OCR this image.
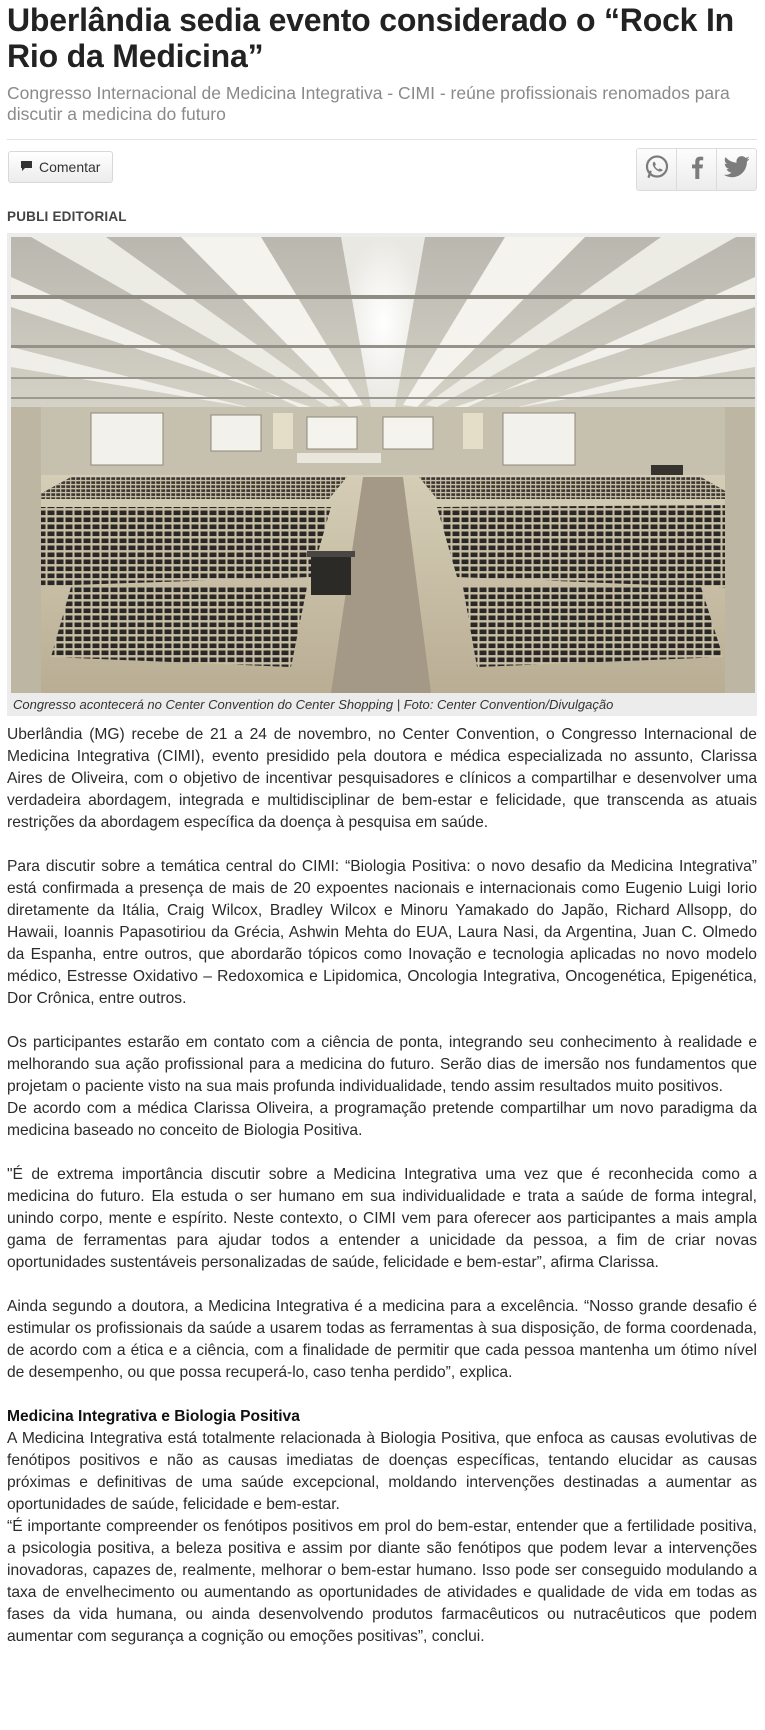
Uberlândia sedia evento considerado o “Rock In Rio da Medicina”
Congresso Internacional de Medicina Integrativa - CIMI - reúne profissionais renomados para discutir a medicina do futuro
Comentar
PUBLI EDITORIAL
Congresso acontecerá no Center Convention do Center Shopping | Foto: Center Convention/Divulgação

Uberlândia (MG) recebe de 21 a 24 de novembro, no Center Convention, o Congresso Internacional de Medicina Integrativa (CIMI), evento presidido pela doutora e médica especializada no assunto, Clarissa Aires de Oliveira, com o objetivo de incentivar pesquisadores e clínicos a compartilhar e desenvolver uma verdadeira abordagem, integrada e multidisciplinar de bem-estar e felicidade, que transcenda as atuais restrições da abordagem específica da doença à pesquisa em saúde.

Para discutir sobre a temática central do CIMI: “Biologia Positiva: o novo desafio da Medicina Integrativa” está confirmada a presença de mais de 20 expoentes nacionais e internacionais como Eugenio Luigi Iorio diretamente da Itália, Craig Wilcox, Bradley Wilcox e Minoru Yamakado do Japão, Richard Allsopp, do Hawaii, Ioannis Papasotiriou da Grécia, Ashwin Mehta do EUA, Laura Nasi, da Argentina, Juan C. Olmedo da Espanha, entre outros, que abordarão tópicos como Inovação e tecnologia aplicadas no novo modelo médico, Estresse Oxidativo – Redoxomica e Lipidomica, Oncologia Integrativa, Oncogenética, Epigenética, Dor Crônica, entre outros.

Os participantes estarão em contato com a ciência de ponta, integrando seu conhecimento à realidade e melhorando sua ação profissional para a medicina do futuro. Serão dias de imersão nos fundamentos que projetam o paciente visto na sua mais profunda individualidade, tendo assim resultados muito positivos.

De acordo com a médica Clarissa Oliveira, a programação pretende compartilhar um novo paradigma da medicina baseado no conceito de Biologia Positiva.

"É de extrema importância discutir sobre a Medicina Integrativa uma vez que é reconhecida como a medicina do futuro. Ela estuda o ser humano em sua individualidade e trata a saúde de forma integral, unindo corpo, mente e espírito. Neste contexto, o CIMI vem para oferecer aos participantes a mais ampla gama de ferramentas para ajudar todos a entender a unicidade da pessoa, a fim de criar novas oportunidades sustentáveis personalizadas de saúde, felicidade e bem-estar”, afirma Clarissa.

Ainda segundo a doutora, a Medicina Integrativa é a medicina para a excelência. “Nosso grande desafio é estimular os profissionais da saúde a usarem todas as ferramentas à sua disposição, de forma coordenada, de acordo com a ética e a ciência, com a finalidade de permitir que cada pessoa mantenha um ótimo nível de desempenho, ou que possa recuperá-lo, caso tenha perdido”, explica.

Medicina Integrativa e Biologia Positiva

A Medicina Integrativa está totalmente relacionada à Biologia Positiva, que enfoca as causas evolutivas de fenótipos positivos e não as causas imediatas de doenças específicas, tentando elucidar as causas próximas e definitivas de uma saúde excepcional, moldando intervenções destinadas a aumentar as oportunidades de saúde, felicidade e bem-estar.

“É importante compreender os fenótipos positivos em prol do bem-estar, entender que a fertilidade positiva, a psicologia positiva, a beleza positiva e assim por diante são fenótipos que podem levar a intervenções inovadoras, capazes de, realmente, melhorar o bem-estar humano. Isso pode ser conseguido modulando a taxa de envelhecimento ou aumentando as oportunidades de atividades e qualidade de vida em todas as fases da vida humana, ou ainda desenvolvendo produtos farmacêuticos ou nutracêuticos que podem aumentar com segurança a cognição ou emoções positivas”, conclui.
